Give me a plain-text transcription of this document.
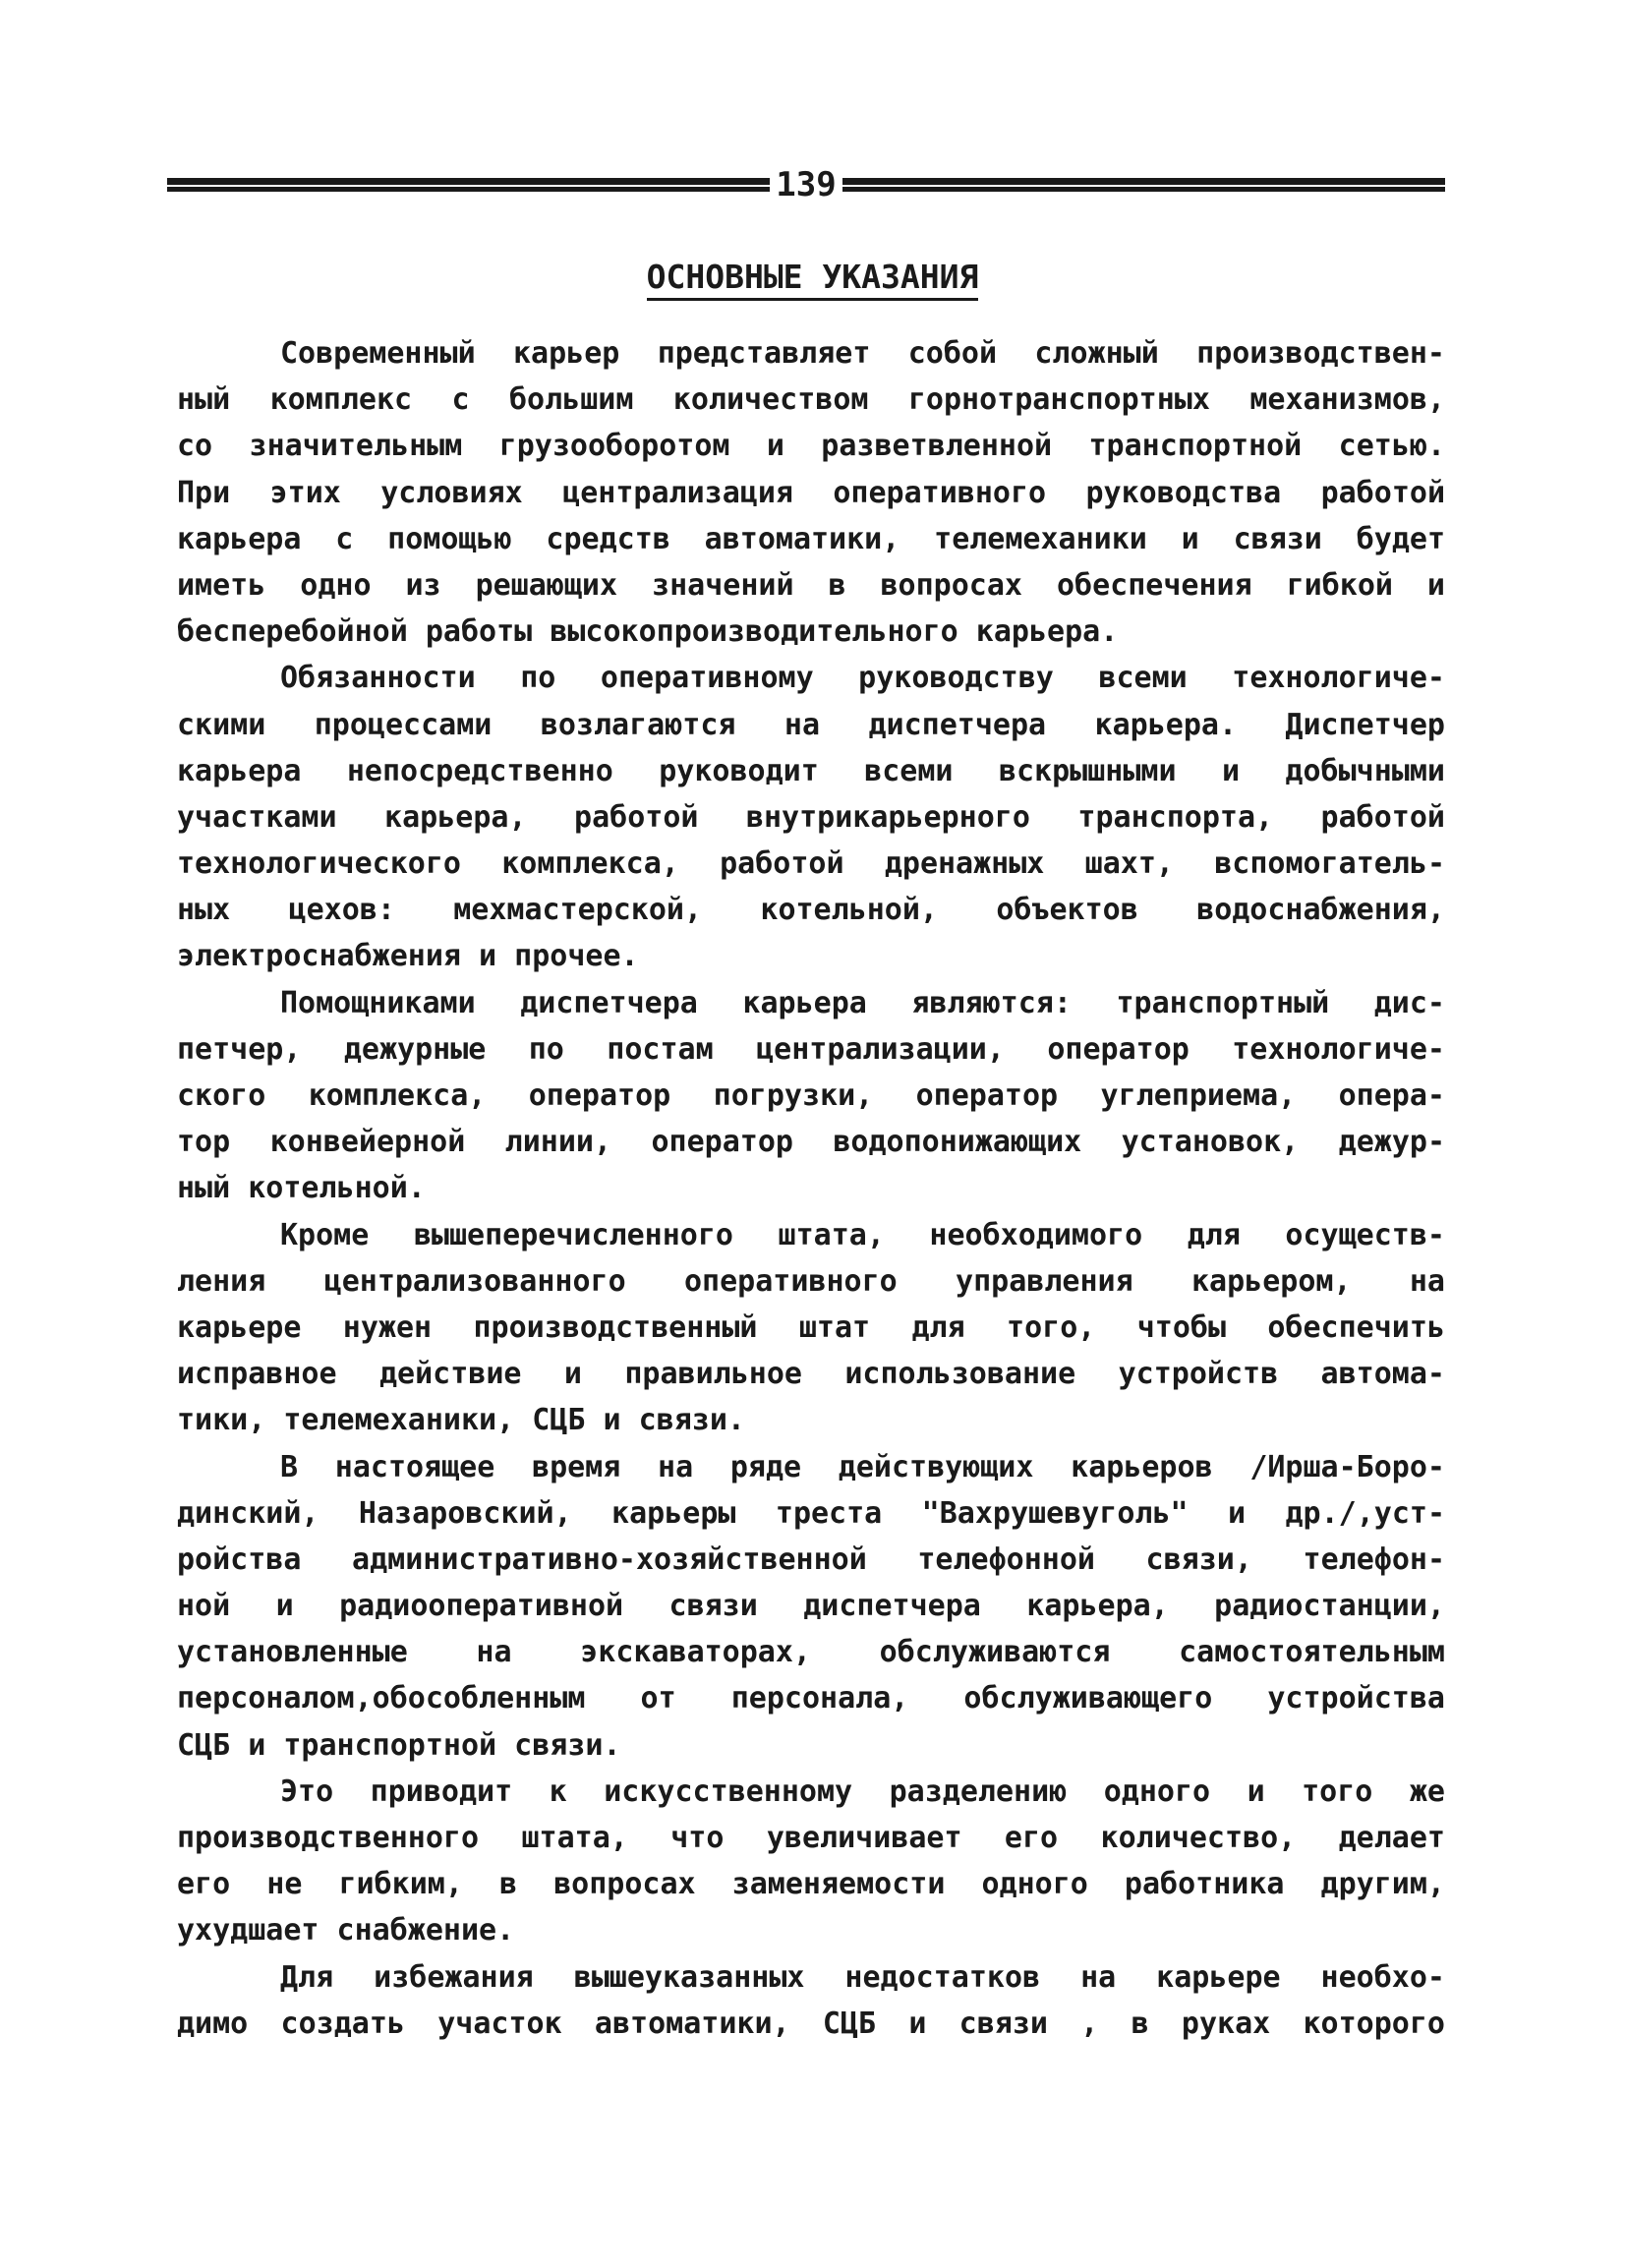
139
ОСНОВНЫЕ УКАЗАНИЯ
Современный карьер представляет собой сложный производствен-
ный комплекс с большим количеством горнотранспортных механизмов,
со значительным грузооборотом и разветвленной транспортной сетью.
При этих условиях централизация оперативного руководства работой
карьера с помощью средств автоматики, телемеханики и связи будет
иметь одно из решающих значений в вопросах обеспечения гибкой и
бесперебойной работы высокопроизводительного карьера.
Обязанности по оперативному руководству всеми технологиче-
скими процессами возлагаются на диспетчера карьера. Диспетчер
карьера непосредственно руководит всеми вскрышными и добычными
участками карьера, работой внутрикарьерного транспорта, работой
технологического комплекса, работой дренажных шахт, вспомогатель-
ных цехов: мехмастерской, котельной, объектов водоснабжения,
электроснабжения и прочее.
Помощниками диспетчера карьера являются: транспортный дис-
петчер, дежурные по постам централизации, оператор технологиче-
ского комплекса, оператор погрузки, оператор углеприема, опера-
тор конвейерной линии, оператор водопонижающих установок, дежур-
ный котельной.
Кроме вышеперечисленного штата, необходимого для осуществ-
ления централизованного оперативного управления карьером, на
карьере нужен производственный штат для того, чтобы обеспечить
исправное действие и правильное использование устройств автома-
тики, телемеханики, СЦБ и связи.
В настоящее время на ряде действующих карьеров /Ирша-Боро-
динский, Назаровский, карьеры треста "Вахрушевуголь" и др./,уст-
ройства административно-хозяйственной телефонной связи, телефон-
ной и радиооперативной связи диспетчера карьера, радиостанции,
установленные на экскаваторах, обслуживаются самостоятельным
персоналом,обособленным от персонала, обслуживающего устройства
СЦБ и транспортной связи.
Это приводит к искусственному разделению одного и того же
производственного штата, что увеличивает его количество, делает
его не гибким, в вопросах заменяемости одного работника другим,
ухудшает снабжение.
Для избежания вышеуказанных недостатков на карьере необхо-
димо создать участок автоматики, СЦБ и связи , в руках которого
